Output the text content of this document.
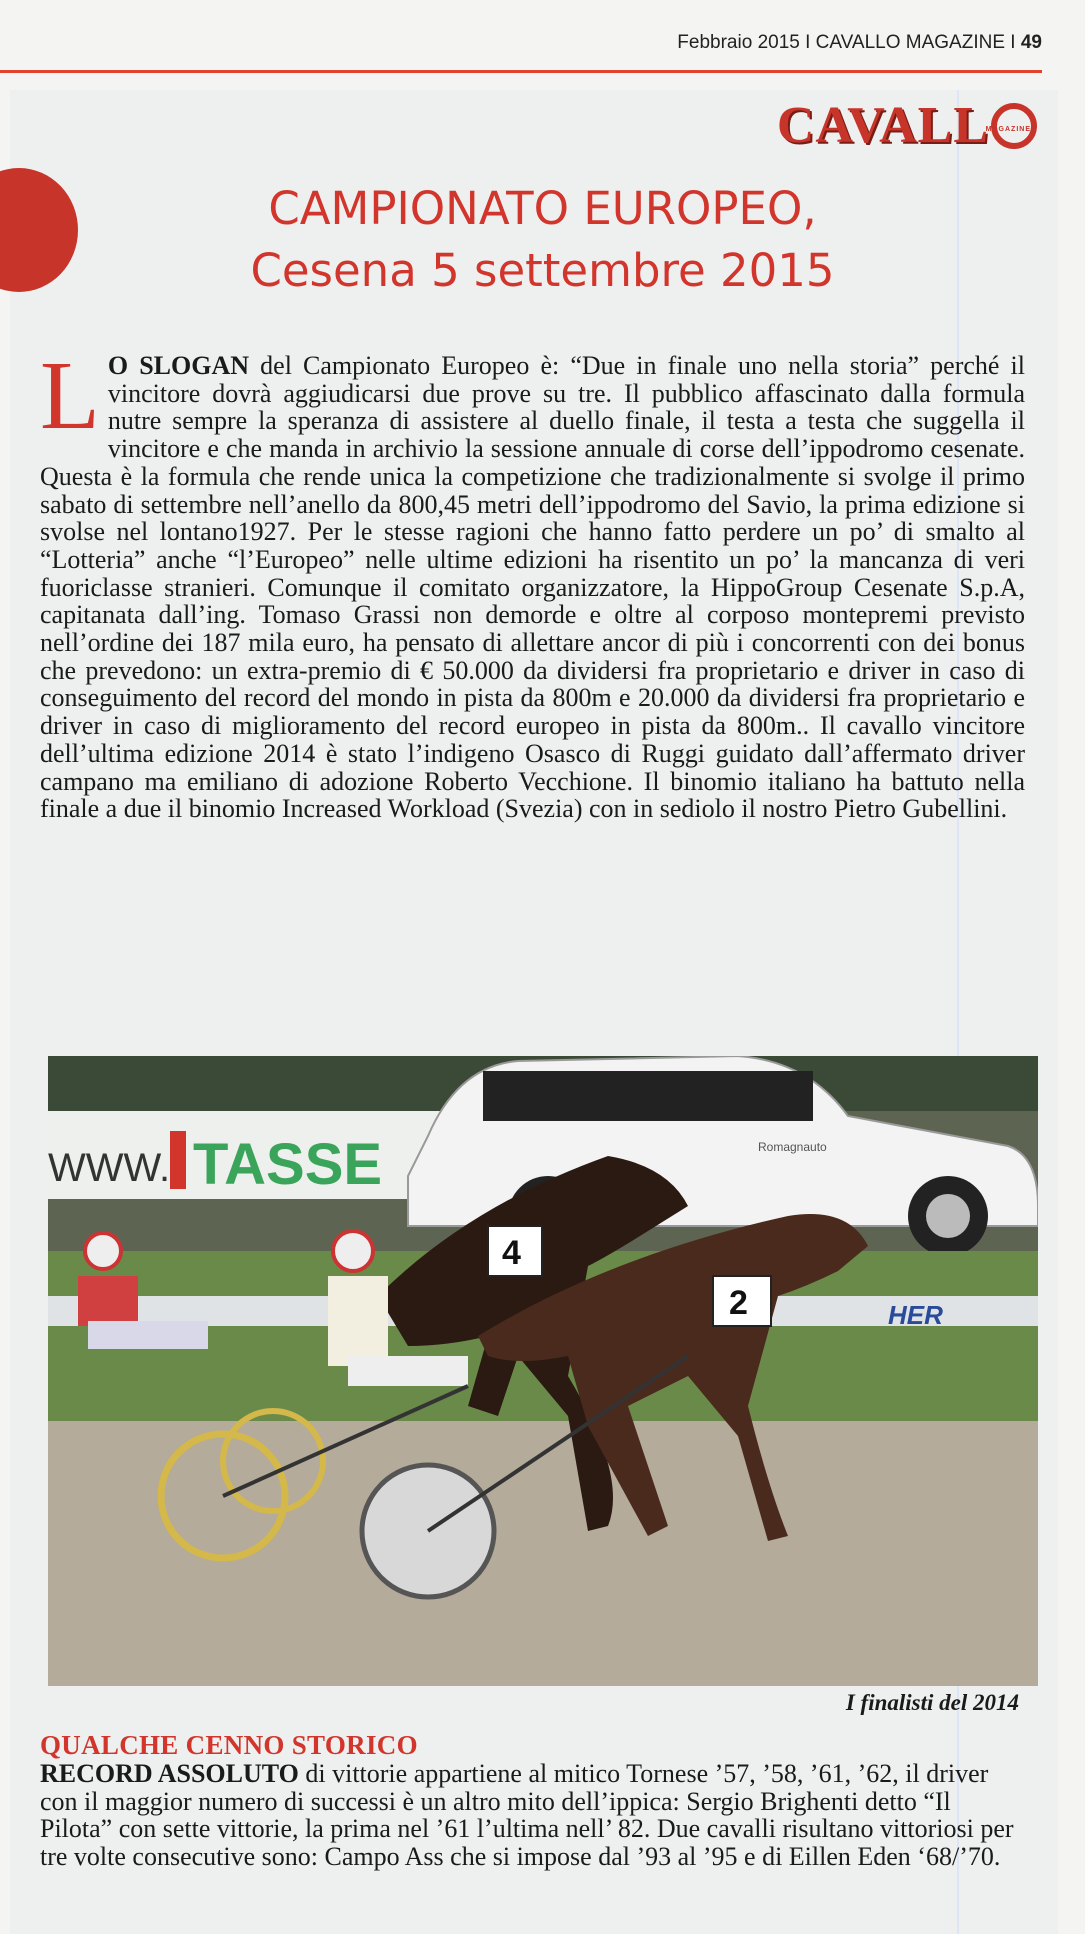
Febbraio 2015 I CAVALLO MAGAZINE I 49
CAVALL
MAGAZINE
CAMPIONATO EUROPEO,
Cesena 5 settembre 2015
L O SLOGAN del Campionato Europeo è: “Due in finale uno nella storia” perché il vincitore dovrà aggiudicarsi due prove su tre. Il pubblico affascinato dalla formula nutre sempre la speranza di assistere al duello finale, il testa a testa che suggella il vincitore e che manda in archivio la sessione annuale di corse dell’ippodromo cesenate. Questa è la formula che rende unica la competizione che tradizionalmente si svolge il primo sabato di settembre nell’anello da 800,45 metri dell’ippodromo del Savio, la prima edizione si svolse nel lontano1927. Per le stesse ragioni che hanno fatto perdere un po’ di smalto al “Lotteria” anche “l’Europeo” nelle ultime edizioni ha risentito un po’ la mancanza di veri fuoriclasse stranieri. Comunque il comitato organizzatore, la HippoGroup Cesenate S.p.A, capitanata dall’ing. Tomaso Grassi non demorde e oltre al corposo montepremi previsto nell’ordine dei 187 mila euro, ha pensato di allettare ancor di più i concorrenti con dei bonus che prevedono: un extra-premio di € 50.000 da dividersi fra proprietario e driver in caso di conseguimento del record del mondo in pista da 800m e 20.000 da dividersi fra proprietario e driver in caso di miglioramento del record europeo in pista da 800m.. Il cavallo vincitore dell’ultima edizione 2014 è stato l’indigeno Osasco di Ruggi guidato dall’affermato driver campano ma emiliano di adozione Roberto Vecchione. Il binomio italiano ha battuto nella finale a due il binomio Increased Workload (Svezia) con in sediolo il nostro Pietro Gubellini.
WWW. TASSE	Romagnauto
HER
4
2
I finalisti del 2014
QUALCHE CENNO STORICO
RECORD ASSOLUTO di vittorie appartiene al mitico Tornese ’57, ’58, ’61, ’62, il driver con il maggior numero di successi è un altro mito dell’ippica: Sergio Brighenti detto “Il Pilota” con sette vittorie, la prima nel ’61 l’ultima nell’ 82. Due cavalli risultano vittoriosi per tre volte consecutive sono: Campo Ass che si impose dal ’93 al ’95 e di Eillen Eden ‘68/’70.
